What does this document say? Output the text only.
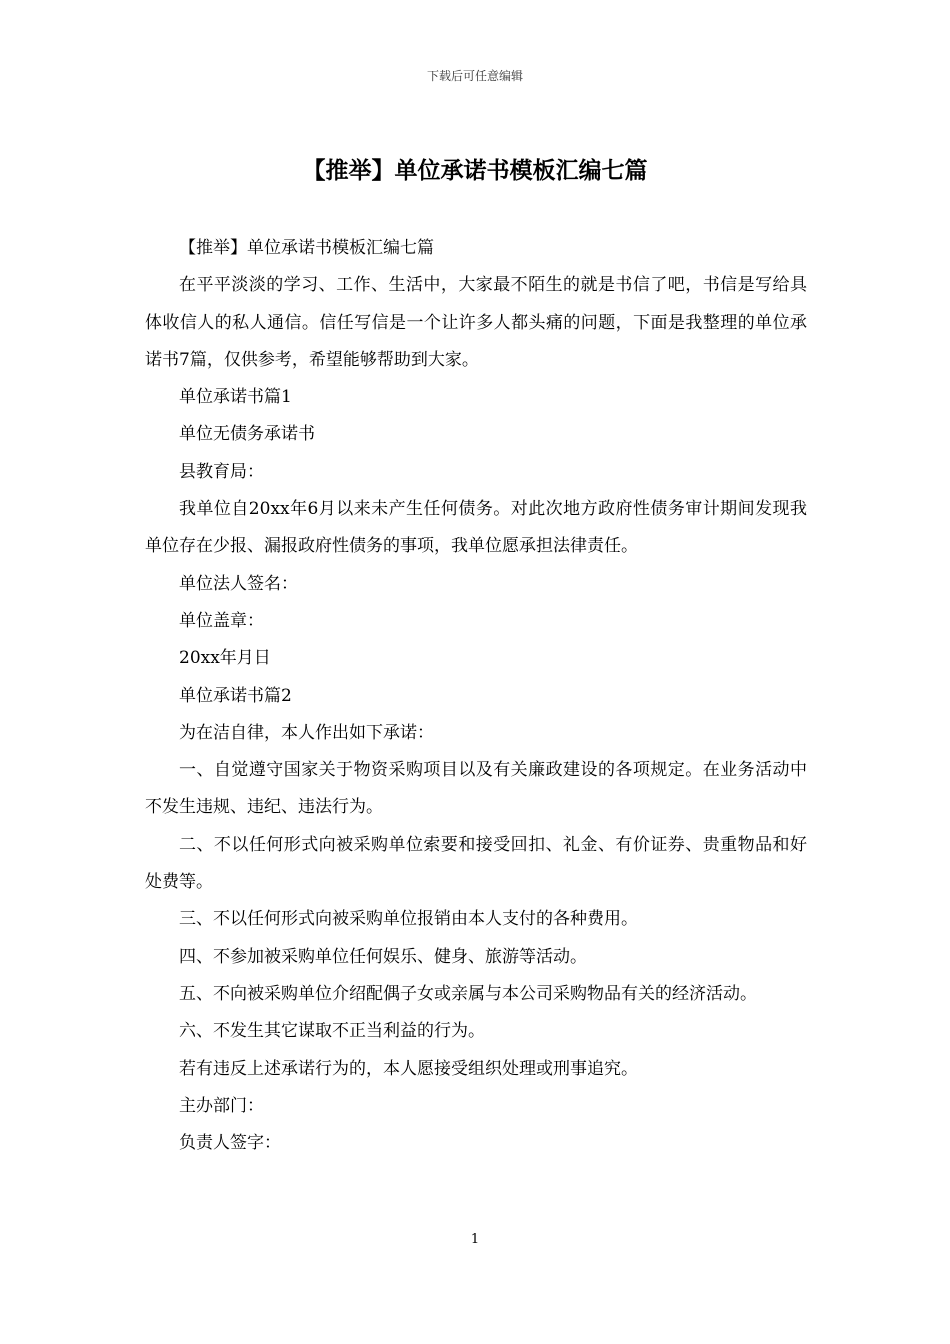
下载后可任意编辑
【推举】单位承诺书模板汇编七篇

【推举】单位承诺书模板汇编七篇

在平平淡淡的学习、工作、生活中，大家最不陌生的就是书信了吧，书信是写给具体收信人的私人通信。信任写信是一个让许多人都头痛的问题，下面是我整理的单位承诺书7篇，仅供参考，希望能够帮助到大家。

单位承诺书篇1

单位无债务承诺书

县教育局：

我单位自20xx年6月以来未产生任何债务。对此次地方政府性债务审计期间发现我单位存在少报、漏报政府性债务的事项，我单位愿承担法律责任。

单位法人签名：

单位盖章：

20xx年月日

单位承诺书篇2

为在洁自律，本人作出如下承诺：

一、自觉遵守国家关于物资采购项目以及有关廉政建设的各项规定。在业务活动中不发生违规、违纪、违法行为。

二、不以任何形式向被采购单位索要和接受回扣、礼金、有价证券、贵重物品和好处费等。

三、不以任何形式向被采购单位报销由本人支付的各种费用。

四、不参加被采购单位任何娱乐、健身、旅游等活动。

五、不向被采购单位介绍配偶子女或亲属与本公司采购物品有关的经济活动。

六、不发生其它谋取不正当利益的行为。

若有违反上述承诺行为的，本人愿接受组织处理或刑事追究。

主办部门：

负责人签字：

1
